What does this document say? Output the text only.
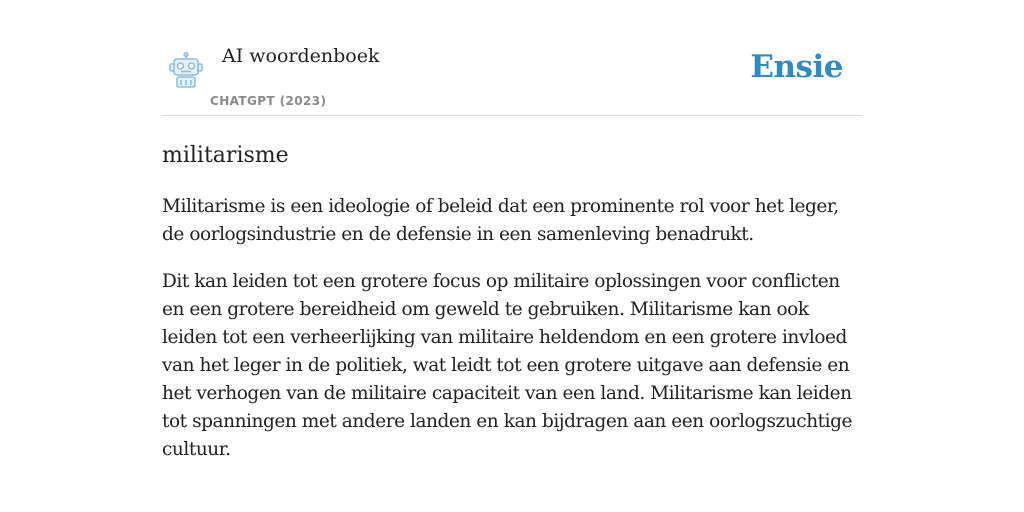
AI woordenboek
CHATGPT (2023)
Ensie
militarisme

Militarisme is een ideologie of beleid dat een prominente rol voor het leger, de oorlogsindustrie en de defensie in een samenleving benadrukt.

Dit kan leiden tot een grotere focus op militaire oplossingen voor conflicten en een grotere bereidheid om geweld te gebruiken. Militarisme kan ook leiden tot een verheerlijking van militaire heldendom en een grotere invloed van het leger in de politiek, wat leidt tot een grotere uitgave aan defensie en het verhogen van de militaire capaciteit van een land. Militarisme kan leiden tot spanningen met andere landen en kan bijdragen aan een oorlogszuchtige cultuur.
